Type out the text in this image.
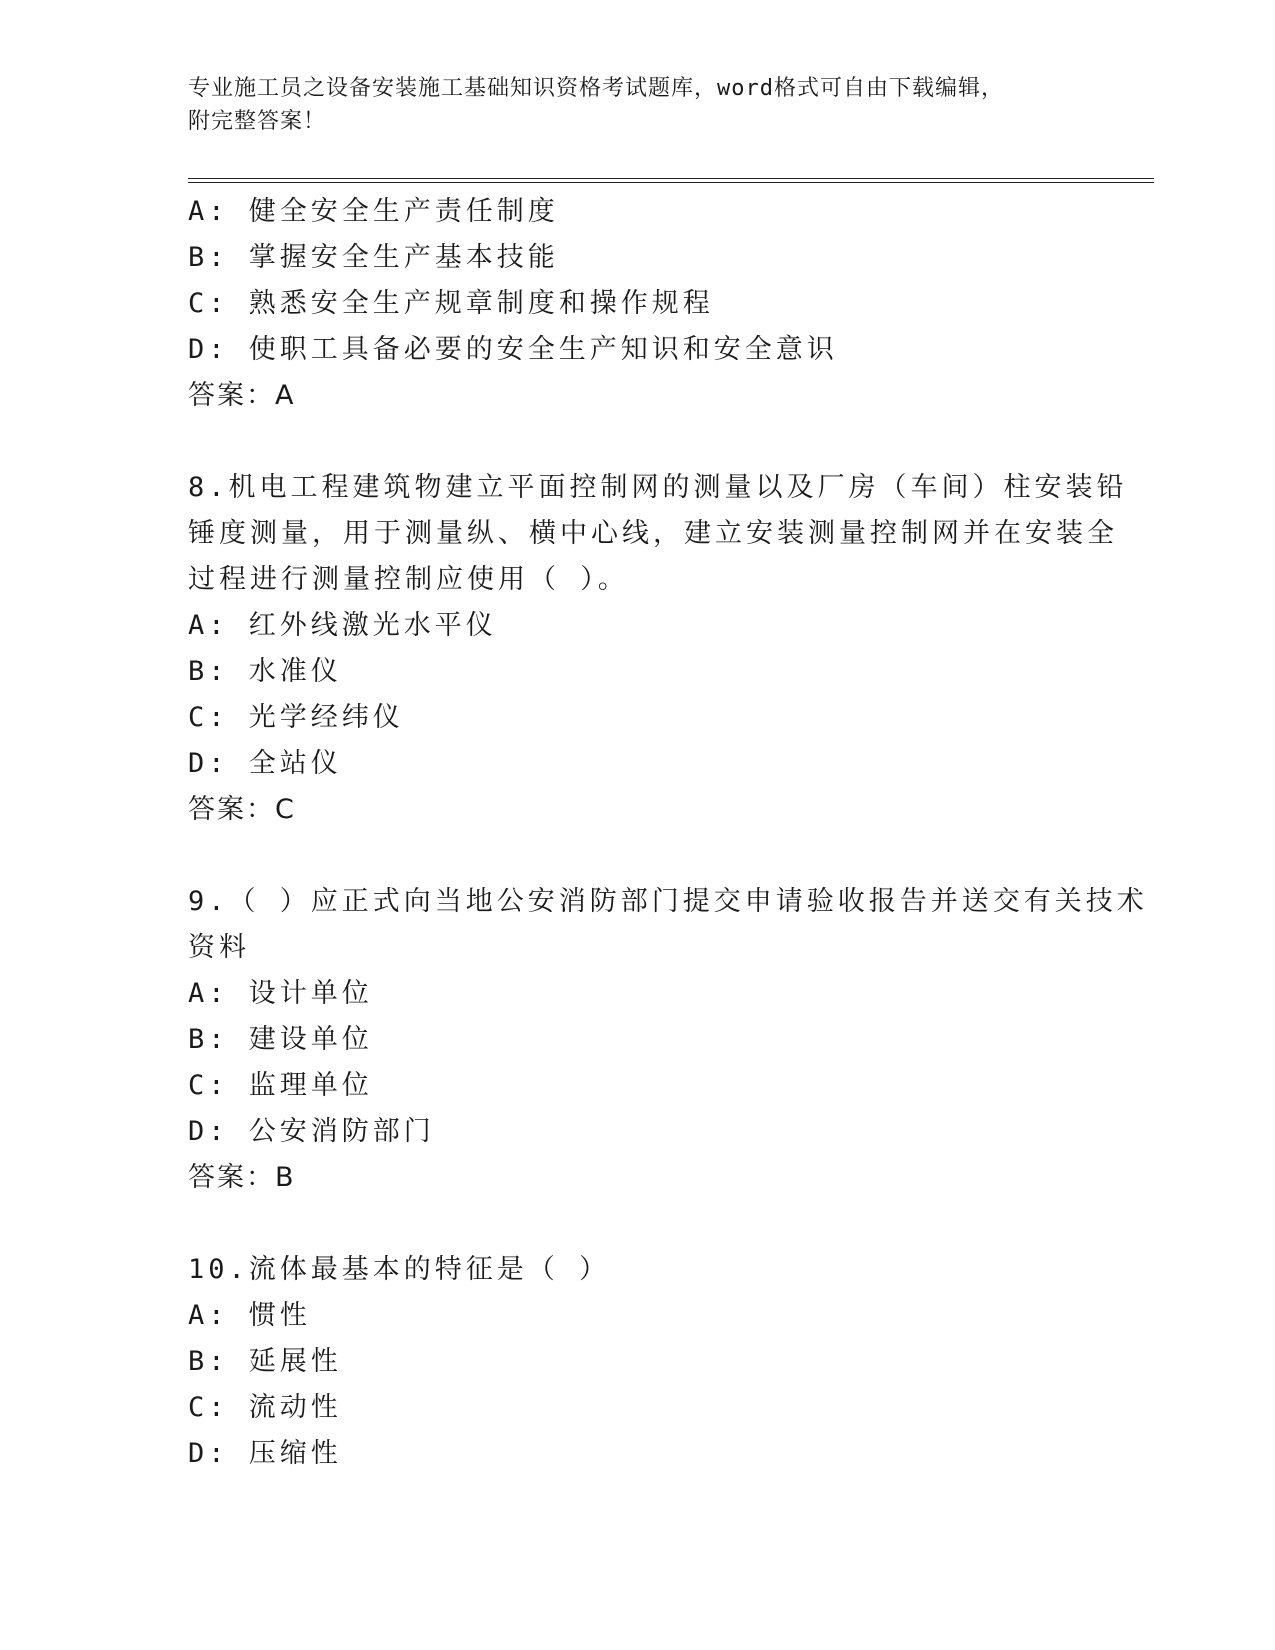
专业施工员之设备安装施工基础知识资格考试题库，word格式可自由下载编辑，
附完整答案！
A: 健全安全生产责任制度
B: 掌握安全生产基本技能
C: 熟悉安全生产规章制度和操作规程
D: 使职工具备必要的安全生产知识和安全意识
答案：A
8.机电工程建筑物建立平面控制网的测量以及厂房（车间）柱安装铅
锤度测量，用于测量纵、横中心线，建立安装测量控制网并在安装全
过程进行测量控制应使用（ ）。
A: 红外线激光水平仪
B: 水准仪
C: 光学经纬仪
D: 全站仪
答案：C
9.（ ）应正式向当地公安消防部门提交申请验收报告并送交有关技术
资料
A: 设计单位
B: 建设单位
C: 监理单位
D: 公安消防部门
答案：B
10.流体最基本的特征是（ ）
A: 惯性
B: 延展性
C: 流动性
D: 压缩性
